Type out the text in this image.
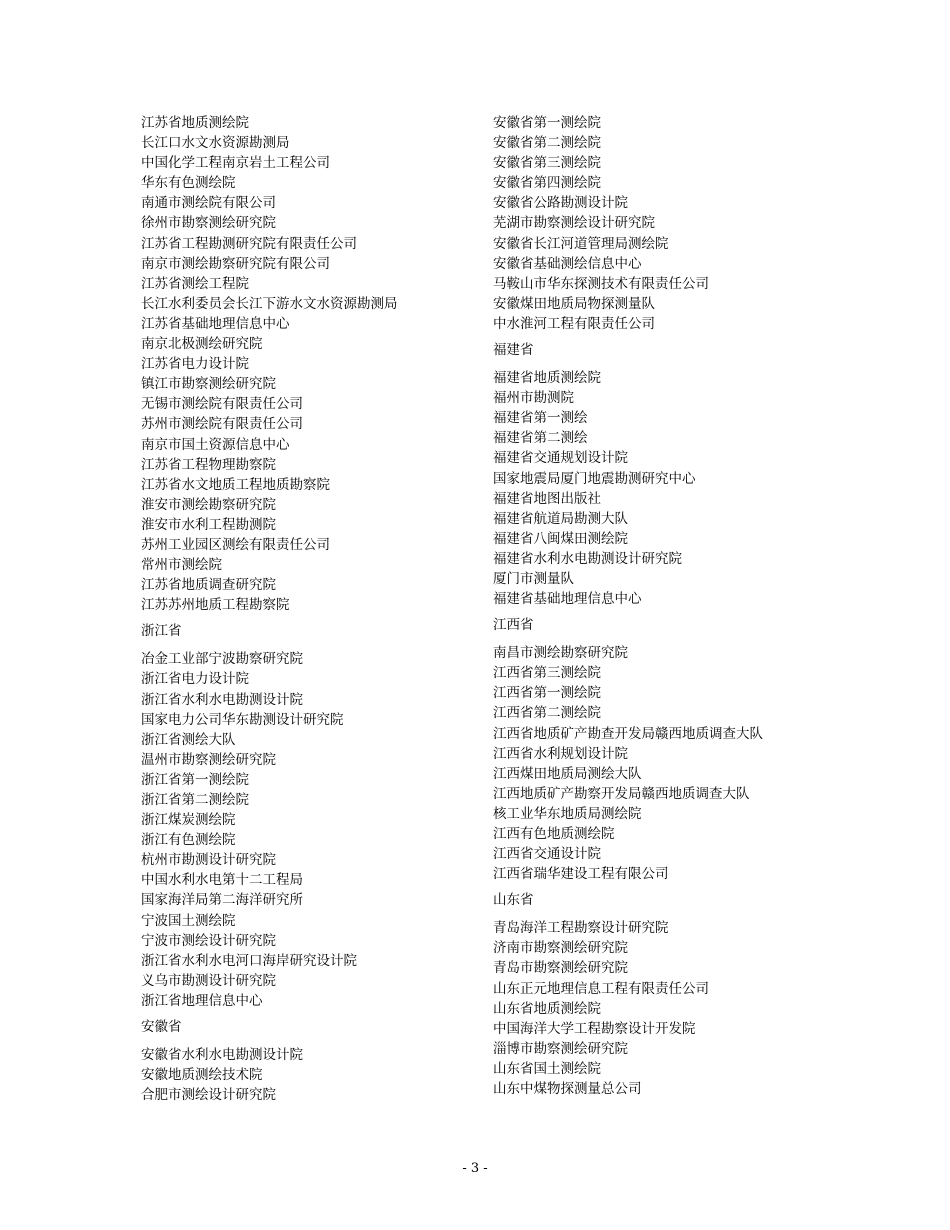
江苏省地质测绘院
长江口水文水资源勘测局
中国化学工程南京岩土工程公司
华东有色测绘院
南通市测绘院有限公司
徐州市勘察测绘研究院
江苏省工程勘测研究院有限责任公司
南京市测绘勘察研究院有限公司
江苏省测绘工程院
长江水利委员会长江下游水文水资源勘测局
江苏省基础地理信息中心
南京北极测绘研究院
江苏省电力设计院
镇江市勘察测绘研究院
无锡市测绘院有限责任公司
苏州市测绘院有限责任公司
南京市国土资源信息中心
江苏省工程物理勘察院
江苏省水文地质工程地质勘察院
淮安市测绘勘察研究院
淮安市水利工程勘测院
苏州工业园区测绘有限责任公司
常州市测绘院
江苏省地质调查研究院
江苏苏州地质工程勘察院
浙江省
冶金工业部宁波勘察研究院
浙江省电力设计院
浙江省水利水电勘测设计院
国家电力公司华东勘测设计研究院
浙江省测绘大队
温州市勘察测绘研究院
浙江省第一测绘院
浙江省第二测绘院
浙江煤炭测绘院
浙江有色测绘院
杭州市勘测设计研究院
中国水利水电第十二工程局
国家海洋局第二海洋研究所
宁波国土测绘院
宁波市测绘设计研究院
浙江省水利水电河口海岸研究设计院
义乌市勘测设计研究院
浙江省地理信息中心
安徽省
安徽省水利水电勘测设计院
安徽地质测绘技术院
合肥市测绘设计研究院
安徽省第一测绘院
安徽省第二测绘院
安徽省第三测绘院
安徽省第四测绘院
安徽省公路勘测设计院
芜湖市勘察测绘设计研究院
安徽省长江河道管理局测绘院
安徽省基础测绘信息中心
马鞍山市华东探测技术有限责任公司
安徽煤田地质局物探测量队
中水淮河工程有限责任公司
福建省
福建省地质测绘院
福州市勘测院
福建省第一测绘
福建省第二测绘
福建省交通规划设计院
国家地震局厦门地震勘测研究中心
福建省地图出版社
福建省航道局勘测大队
福建省八闽煤田测绘院
福建省水利水电勘测设计研究院
厦门市测量队
福建省基础地理信息中心
江西省
南昌市测绘勘察研究院
江西省第三测绘院
江西省第一测绘院
江西省第二测绘院
江西省地质矿产勘查开发局赣西地质调查大队
江西省水利规划设计院
江西煤田地质局测绘大队
江西地质矿产勘察开发局赣西地质调查大队
核工业华东地质局测绘院
江西有色地质测绘院
江西省交通设计院
江西省瑞华建设工程有限公司
山东省
青岛海洋工程勘察设计研究院
济南市勘察测绘研究院
青岛市勘察测绘研究院
山东正元地理信息工程有限责任公司
山东省地质测绘院
中国海洋大学工程勘察设计开发院
淄博市勘察测绘研究院
山东省国土测绘院
山东中煤物探测量总公司
- 3 -
